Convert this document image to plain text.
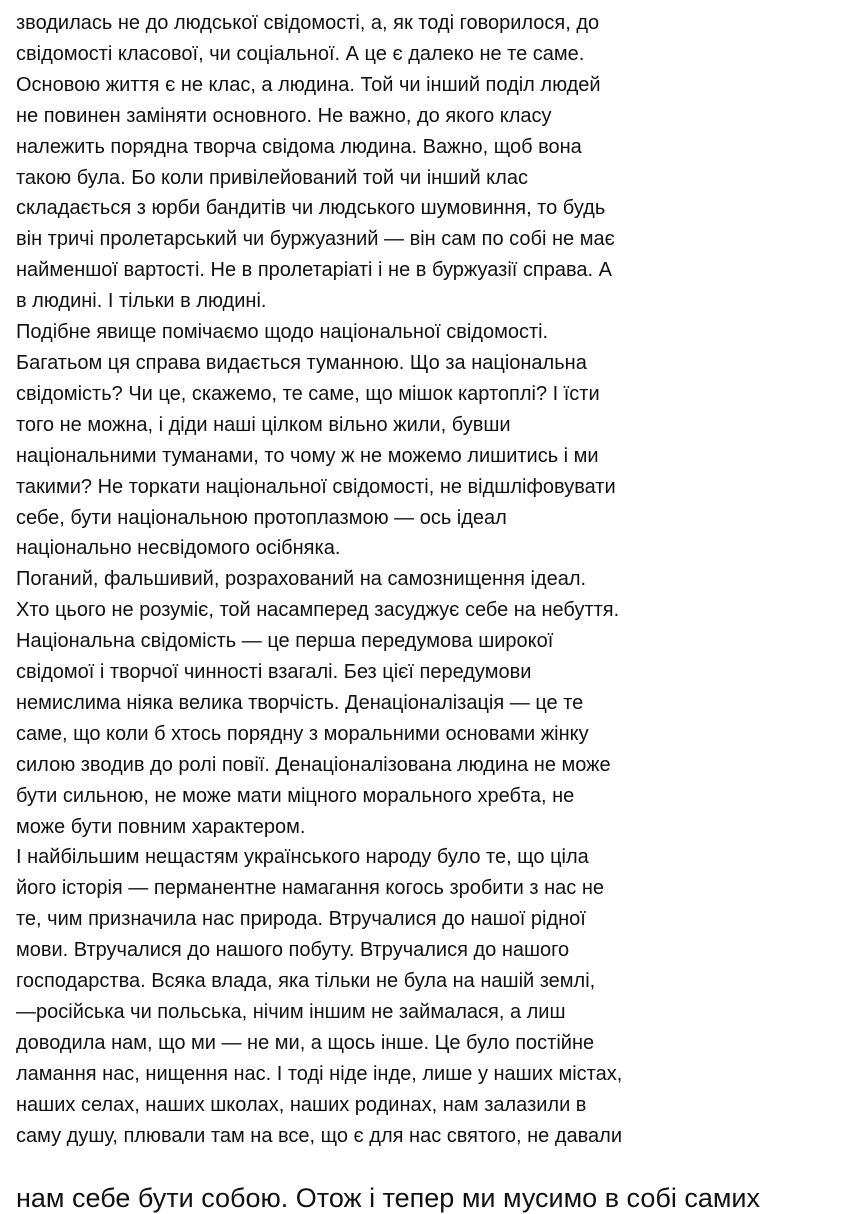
зводилась не до людської свідомості, а, як тоді говорилося, до
свідомості класової, чи соціальної. А це є далеко не те саме.
Основою життя є не клас, а людина. Той чи інший поділ людей
не повинен заміняти основного. Не важно, до якого класу
належить порядна творча свідома людина. Важно, щоб вона
такою була. Бо коли привілейований той чи інший клас
складається з юрби бандитів чи людського шумовиння, то будь
він тричі пролетарський чи буржуазний — він сам по собі не має
найменшої вартості. Не в пролетаріаті і не в буржуазії справа. А
в людині. І тільки в людині.
Подібне явище помічаємо щодо національної свідомості.
Багатьом ця справа видається туманною. Що за національна
свідомість? Чи це, скажемо, те саме, що мішок картоплі? І їсти
того не можна, і діди наші цілком вільно жили, бувши
національними туманами, то чому ж не можемо лишитись і ми
такими? Не торкати національної свідомості, не відшліфовувати
себе, бути національною протоплазмою — ось ідеал
національно несвідомого осібняка.
Поганий, фальшивий, розрахований на самознищення ідеал.
Хто цього не розуміє, той насамперед засуджує себе на небуття.
Національна свідомість — це перша передумова широкої
свідомої і творчої чинності взагалі. Без цієї передумови
немислима ніяка велика творчість. Денаціоналізація — це те
саме, що коли б хтось порядну з моральними основами жінку
силою зводив до ролі повії. Денаціоналізована людина не може
бути сильною, не може мати міцного морального хребта, не
може бути повним характером.
І найбільшим нещастям українського народу було те, що ціла
його історія — перманентне намагання когось зробити з нас не
те, чим призначила нас природа. Втручалися до нашої рідної
мови. Втручалися до нашого побуту. Втручалися до нашого
господарства. Всяка влада, яка тільки не була на нашій землі,
—російська чи польська, нічим іншим не займалася, а лиш
доводила нам, що ми — не ми, а щось інше. Це було постійне
ламання нас, нищення нас. І тоді ніде інде, лише у наших містах,
наших селах, наших школах, наших родинах, нам залазили в
саму душу, плювали там на все, що є для нас святого, не давали
нам себе бути собою. Отож і тепер ми мусимо в собі самих
